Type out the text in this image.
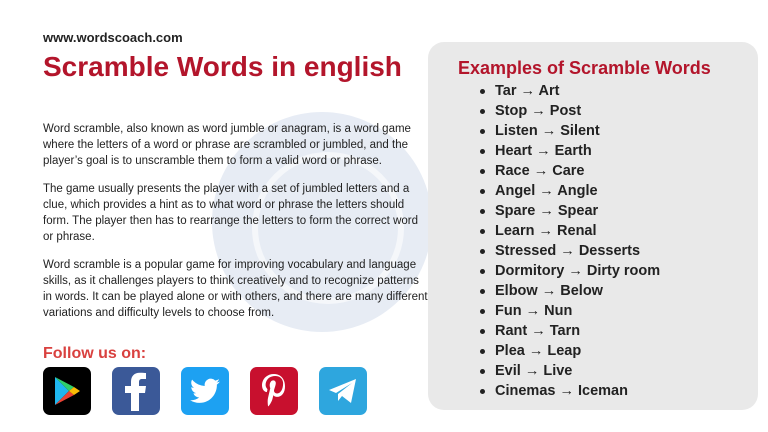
www.wordscoach.com
Scramble Words in english

Word scramble, also known as word jumble or anagram, is a word game where the letters of a word or phrase are scrambled or jumbled, and the player’s goal is to unscramble them to form a valid word or phrase.

The game usually presents the player with a set of jumbled letters and a clue, which provides a hint as to what word or phrase the letters should form. The player then has to rearrange the letters to form the correct word or phrase.

Word scramble is a popular game for improving vocabulary and language skills, as it challenges players to think creatively and to recognize patterns in words. It can be played alone or with others, and there are many different variations and difficulty levels to choose from.

Follow us on:
Examples of Scramble Words
Tar → Art
Stop → Post
Listen → Silent
Heart → Earth
Race → Care
Angel → Angle
Spare → Spear
Learn → Renal
Stressed → Desserts
Dormitory → Dirty room
Elbow → Below
Fun → Nun
Rant → Tarn
Plea → Leap
Evil → Live
Cinemas → Iceman
